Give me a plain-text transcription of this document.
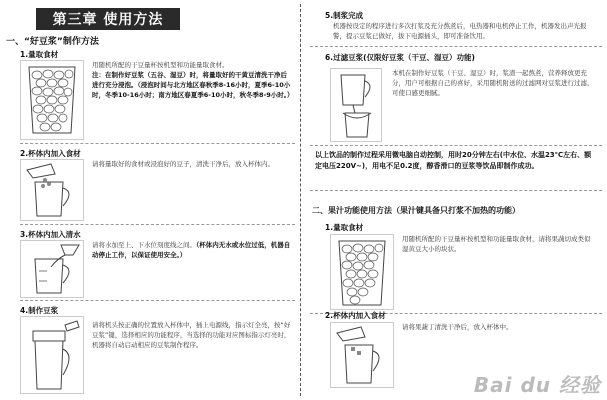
第三章 使用方法
一、“好豆浆”制作方法
1.量取食材
用随机所配的干豆量杯按机型和功能量取食材。
注：在制作好豆浆（五谷、湿豆）时，将量取好的干黄豆清洗干净后进行充分浸泡。（浸泡时间与北方地区春秋季8-16小时，夏季6-10小时，冬季10-16小时；南方地区春夏季6-10小时，秋冬季8-9小时。）
2.杯体内加入食材
请将量取好的食材或浸泡好的豆子，清洗干净后，放入杯体内。
3.杯体内加入清水
请将水加至上、下水位刻度线之间。（杯体内无水或水位过低，机器自动停止工作，以保证使用安全。）
4.制作豆浆
请将机头按正确的位置放入杯体中，插上电源线，指示灯全亮，按“好豆浆”键，选择相应的功能程序，当选择的功能对应图标指示灯亮时，机器将自动启动相应的豆浆制作程序。
5.制浆完成
机器按设定的程序进行多次打浆及充分熬煮后，电热器和电机停止工作，机器发出声光报警，提示豆浆已做好，拔下电源插头，即可准备饮用。
6.过滤豆浆(仅限好豆浆（干豆、湿豆）功能)
本机在制作好豆浆（干豆、湿豆）时，浆渣一起熬煮，营养释放更充分，用户可根据自己的喜好，采用随机附送的过滤网对豆浆进行过滤，可使口感更细腻。
以上饮品的制作过程采用微电脑自动控制，用时20分钟左右(中水位、水温23℃左右、额定电压220V~)，用电不足0.2度，醇香滑口的豆浆等饮品即制作成功。
二、果汁功能使用方法（果汁键具备只打浆不加热的功能）
1.量取食材
用随机所配的干豆量杯按机型和功能量取食材，请将果蔬切成类似湿黄豆大小的块状。
2.杯体内加入食材
请将果蔬丁清洗干净后，放入杯体中。
Bai du 经验
